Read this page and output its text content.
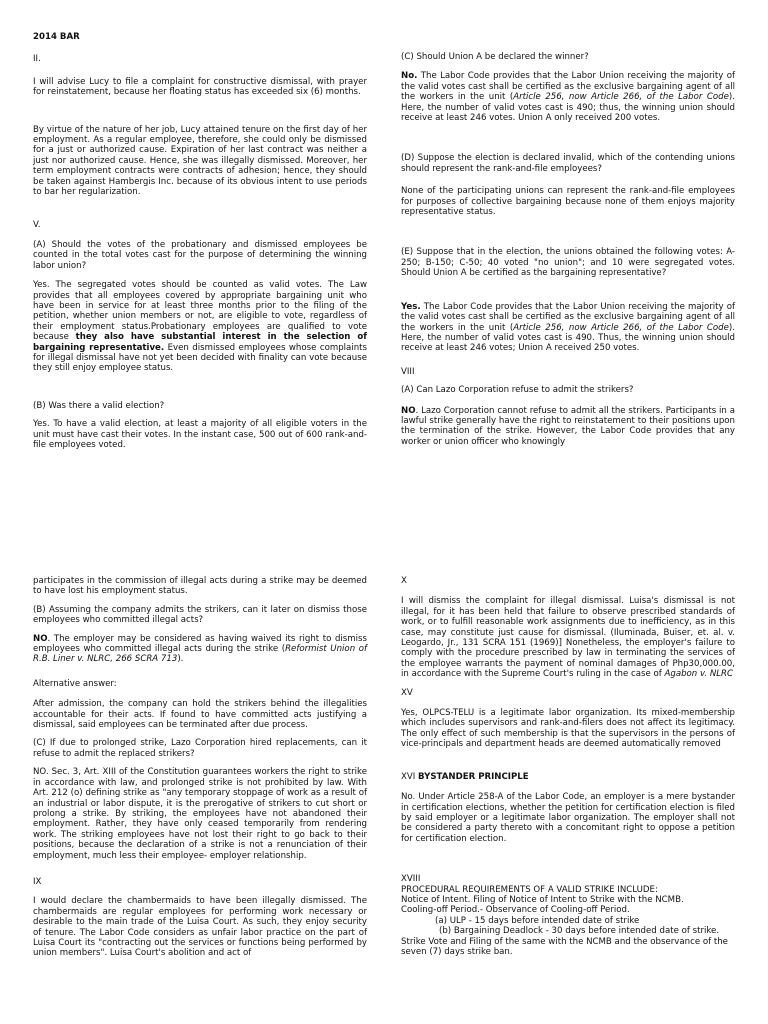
2014 BAR

II.

I will advise Lucy to file a complaint for constructive dismissal, with prayer for reinstatement, because her floating status has exceeded six (6) months.

By virtue of the nature of her job, Lucy attained tenure on the first day of her employment. As a regular employee, therefore, she could only be dismissed for a just or authorized cause. Expiration of her last contract was neither a just nor authorized cause. Hence, she was illegally dismissed. Moreover, her term employment contracts were contracts of adhesion; hence, they should be taken against Hambergis Inc. because of its obvious intent to use periods to bar her regularization.

V.

(A) Should the votes of the probationary and dismissed employees be counted in the total votes cast for the purpose of determining the winning labor union?

Yes. The segregated votes should be counted as valid votes. The Law provides that all employees covered by appropriate bargaining unit who have been in service for at least three months prior to the filing of the petition, whether union members or not, are eligible to vote, regardless of their employment status.Probationary employees are qualified to vote because they also have substantial interest in the selection of bargaining representative. Even dismissed employees whose complaints for illegal dismissal have not yet been decided with finality can vote because they still enjoy employee status.

(B) Was there a valid election?

Yes. To have a valid election, at least a majority of all eligible voters in the unit must have cast their votes. In the instant case, 500 out of 600 rank-and-file employees voted.

(C) Should Union A be declared the winner?

No. The Labor Code provides that the Labor Union receiving the majority of the valid votes cast shall be certified as the exclusive bargaining agent of all the workers in the unit (Article 256, now Article 266, of the Labor Code). Here, the number of valid votes cast is 490; thus, the winning union should receive at least 246 votes. Union A only received 200 votes.

(D) Suppose the election is declared invalid, which of the contending unions should represent the rank-and-file employees?

None of the participating unions can represent the rank-and-file employees for purposes of collective bargaining because none of them enjoys majority representative status.

(E) Suppose that in the election, the unions obtained the following votes: A-250; B-150; C-50; 40 voted "no union"; and 10 were segregated votes. Should Union A be certified as the bargaining representative?

Yes. The Labor Code provides that the Labor Union receiving the majority of the valid votes cast shall be certified as the exclusive bargaining agent of all the workers in the unit (Article 256, now Article 266, of the Labor Code). Here, the number of valid votes cast is 490. Thus, the winning union should receive at least 246 votes; Union A received 250 votes.

VIII

(A) Can Lazo Corporation refuse to admit the strikers?

NO. Lazo Corporation cannot refuse to admit all the strikers. Participants in a lawful strike generally have the right to reinstatement to their positions upon the termination of the strike. However, the Labor Code provides that any worker or union officer who knowingly

participates in the commission of illegal acts during a strike may be deemed to have lost his employment status.

(B) Assuming the company admits the strikers, can it later on dismiss those employees who committed illegal acts?

NO. The employer may be considered as having waived its right to dismiss employees who committed illegal acts during the strike (Reformist Union of R.B. Liner v. NLRC, 266 SCRA 713).

Alternative answer:

After admission, the company can hold the strikers behind the illegalities accountable for their acts. If found to have committed acts justifying a dismissal, said employees can be terminated after due process.

(C) If due to prolonged strike, Lazo Corporation hired replacements, can it refuse to admit the replaced strikers?

NO. Sec. 3, Art. XIII of the Constitution guarantees workers the right to strike in accordance with law, and prolonged strike is not prohibited by law. With Art. 212 (o) defining strike as "any temporary stoppage of work as a result of an industrial or labor dispute, it is the prerogative of strikers to cut short or prolong a strike. By striking, the employees have not abandoned their employment. Rather, they have only ceased temporarily from rendering work. The striking employees have not lost their right to go back to their positions, because the declaration of a strike is not a renunciation of their employment, much less their employee- employer relationship.

IX

I would declare the chambermaids to have been illegally dismissed. The chambermaids are regular employees for performing work necessary or desirable to the main trade of the Luisa Court. As such, they enjoy security of tenure. The Labor Code considers as unfair labor practice on the part of Luisa Court its "contracting out the services or functions being performed by union members". Luisa Court's abolition and act of

X

I will dismiss the complaint for illegal dismissal. Luisa's dismissal is not illegal, for it has been held that failure to observe prescribed standards of work, or to fulfill reasonable work assignments due to inefficiency, as in this case, may constitute just cause for dismissal. (Iluminada, Buiser, et. al. v. Leogardo, Jr., 131 SCRA 151 (1969)] Nonetheless, the employer's failure to comply with the procedure prescribed by law in terminating the services of the employee warrants the payment of nominal damages of Php30,000.00, in accordance with the Supreme Court's ruling in the case of Agabon v. NLRC

XV

Yes, OLPCS-TELU is a legitimate labor organization. Its mixed-membership which includes supervisors and rank-and-filers does not affect its legitimacy. The only effect of such membership is that the supervisors in the persons of vice-principals and department heads are deemed automatically removed

XVI BYSTANDER PRINCIPLE

No. Under Article 258-A of the Labor Code, an employer is a mere bystander in certification elections, whether the petition for certification election is filed by said employer or a legitimate labor organization. The employer shall not be considered a party thereto with a concomitant right to oppose a petition for certification election.

XVIII

PROCEDURAL REQUIREMENTS OF A VALID STRIKE INCLUDE:

Notice of Intent. Filing of Notice of Intent to Strike with the NCMB.

Cooling-off Period.- Observance of Cooling-off Period.

(a) ULP - 15 days before intended date of strike

(b) Bargaining Deadlock - 30 days before intended date of strike.

Strike Vote and Filing of the same with the NCMB and the observance of the seven (7) days strike ban.
